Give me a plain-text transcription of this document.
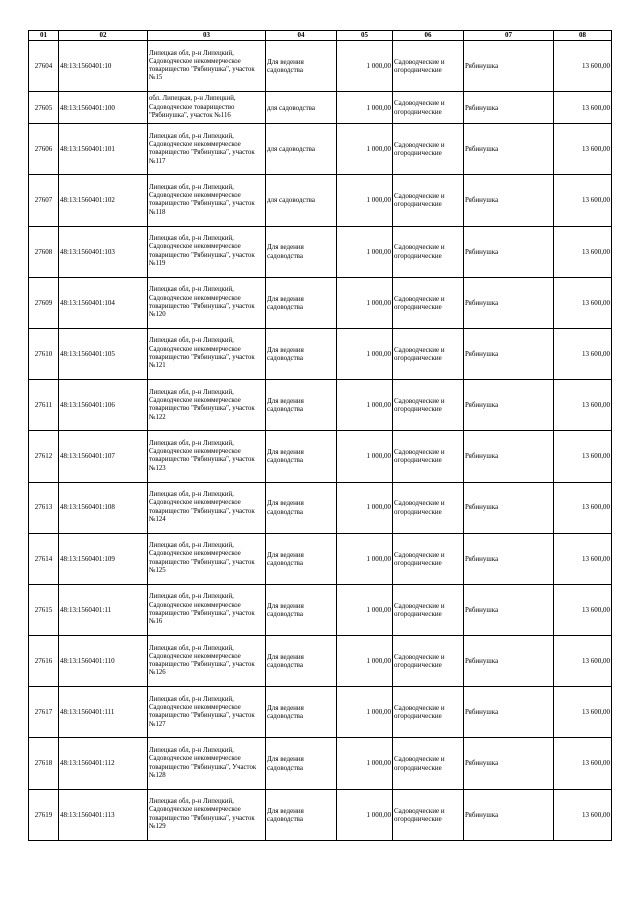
01	02	03	04	05	06	07	08
27604	48:13:1560401:10	Липецкая обл, р-н Липецкий, Садоводческое некоммерческое товарищество "Рябинушка", участок №15	Для ведения садоводства	1 000,00	Садоводческие и огороднические	Рябинушка	13 600,00
27605	48:13:1560401:100	обл. Липецкая, р-н Липецкий, Садоводческое товарищество "Рябинушка", участок №116	для садоводства	1 000,00	Садоводческие и огороднические	Рябинушка	13 600,00
27606	48:13:1560401:101	Липецкая обл, р-н Липецкий, Садоводческое некоммерческое товарищество "Рябинушка", участок №117	для садоводства	1 000,00	Садоводческие и огороднические	Рябинушка	13 600,00
27607	48:13:1560401:102	Липецкая обл, р-н Липецкий, Садоводческое некоммерческое товарищество "Рябинушка", участок №118	для садоводства	1 000,00	Садоводческие и огороднические	Рябинушка	13 600,00
27608	48:13:1560401:103	Липецкая обл, р-н Липецкий, Садоводческое некоммерческое товарищество "Рябинушка", участок №119	Для ведения садоводства	1 000,00	Садоводческие и огороднические	Рябинушка	13 600,00
27609	48:13:1560401:104	Липецкая обл, р-н Липецкий, Садоводческое некоммерческое товарищество "Рябинушка", участок №120	Для ведения садоводства	1 000,00	Садоводческие и огороднические	Рябинушка	13 600,00
27610	48:13:1560401:105	Липецкая обл, р-н Липецкий, Садоводческое некоммерческое товарищество "Рябинушка", участок №121	Для ведения садоводства	1 000,00	Садоводческие и огороднические	Рябинушка	13 600,00
27611	48:13:1560401:106	Липецкая обл, р-н Липецкий, Садоводческое некоммерческое товарищество "Рябинушка", участок №122	Для ведения садоводства	1 000,00	Садоводческие и огороднические	Рябинушка	13 600,00
27612	48:13:1560401:107	Липецкая обл, р-н Липецкий, Садоводческое некоммерческое товарищество "Рябинушка", участок №123	Для ведения садоводства	1 000,00	Садоводческие и огороднические	Рябинушка	13 600,00
27613	48:13:1560401:108	Липецкая обл, р-н Липецкий, Садоводческое некоммерческое товарищество "Рябинушка", участок №124	Для ведения садоводства	1 000,00	Садоводческие и огороднические	Рябинушка	13 600,00
27614	48:13:1560401:109	Липецкая обл, р-н Липецкий, Садоводческое некоммерческое товарищество "Рябинушка", участок №125	Для ведения садоводства	1 000,00	Садоводческие и огороднические	Рябинушка	13 600,00
27615	48:13:1560401:11	Липецкая обл, р-н Липецкий, Садоводческое некоммерческое товарищество "Рябинушка", участок №16	Для ведения садоводства	1 000,00	Садоводческие и огороднические	Рябинушка	13 600,00
27616	48:13:1560401:110	Липецкая обл, р-н Липецкий, Садоводческое некоммерческое товарищество "Рябинушка", участок №126	Для ведения садоводства	1 000,00	Садоводческие и огороднические	Рябинушка	13 600,00
27617	48:13:1560401:111	Липецкая обл, р-н Липецкий, Садоводческое некоммерческое товарищество "Рябинушка", участок №127	Для ведения садоводства	1 000,00	Садоводческие и огороднические	Рябинушка	13 600,00
27618	48:13:1560401:112	Липецкая обл, р-н Липецкий, Садоводческое некоммерческое товарищество "Рябинушка", Участок №128	Для ведения садоводства	1 000,00	Садоводческие и огороднические	Рябинушка	13 600,00
27619	48:13:1560401:113	Липецкая обл, р-н Липецкий, Садоводческое некоммерческое товарищество "Рябинушка", участок №129	Для ведения садоводства	1 000,00	Садоводческие и огороднические	Рябинушка	13 600,00
